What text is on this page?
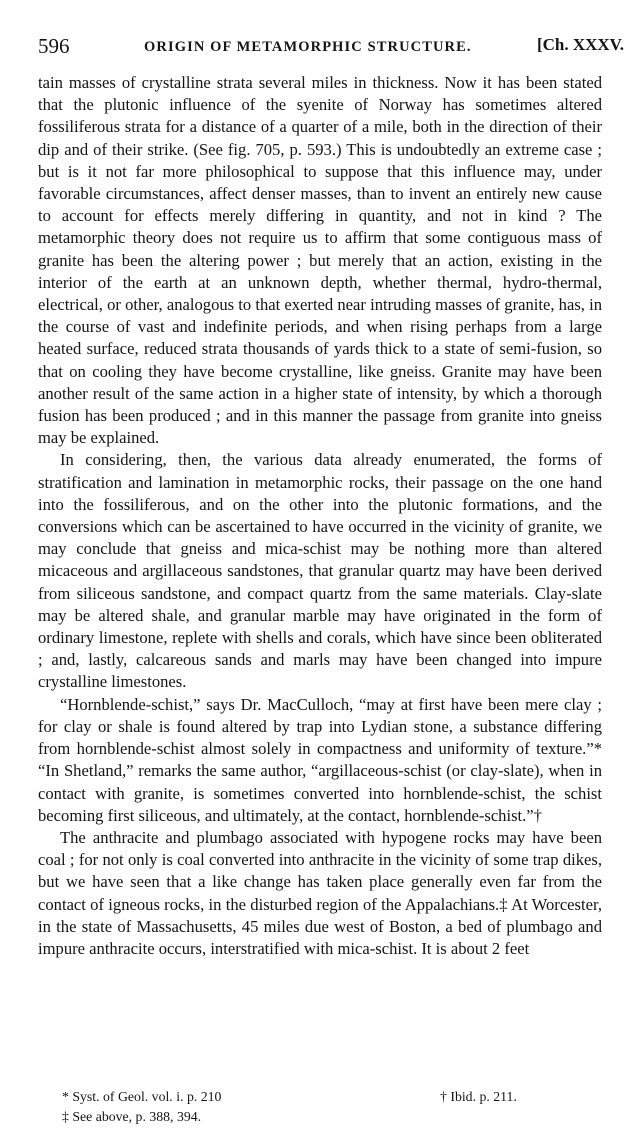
596	ORIGIN OF METAMORPHIC STRUCTURE.	[Ch. XXXV.

tain masses of crystalline strata several miles in thickness. Now it has been stated that the plutonic influence of the syenite of Norway has sometimes altered fossiliferous strata for a distance of a quarter of a mile, both in the direction of their dip and of their strike. (See fig. 705, p. 593.) This is undoubtedly an extreme case ; but is it not far more philosophical to suppose that this influence may, under favorable circumstances, affect denser masses, than to invent an entirely new cause to account for effects merely differing in quantity, and not in kind ? The metamorphic theory does not require us to affirm that some contiguous mass of granite has been the altering power ; but merely that an action, existing in the interior of the earth at an unknown depth, whether thermal, hydro-thermal, electrical, or other, analogous to that exerted near intruding masses of granite, has, in the course of vast and indefinite periods, and when rising perhaps from a large heated surface, reduced strata thousands of yards thick to a state of semi-fusion, so that on cooling they have become crystalline, like gneiss. Granite may have been another result of the same action in a higher state of intensity, by which a thorough fusion has been produced ; and in this manner the passage from granite into gneiss may be explained.

In considering, then, the various data already enumerated, the forms of stratification and lamination in metamorphic rocks, their passage on the one hand into the fossiliferous, and on the other into the plutonic formations, and the conversions which can be ascertained to have occurred in the vicinity of granite, we may conclude that gneiss and mica-schist may be nothing more than altered micaceous and argillaceous sandstones, that granular quartz may have been derived from siliceous sandstone, and compact quartz from the same materials. Clay-slate may be altered shale, and granular marble may have originated in the form of ordinary limestone, replete with shells and corals, which have since been obliterated ; and, lastly, calcareous sands and marls may have been changed into impure crystalline limestones.

“Hornblende-schist,” says Dr. MacCulloch, “may at first have been mere clay ; for clay or shale is found altered by trap into Lydian stone, a substance differing from hornblende-schist almost solely in compactness and uniformity of texture.”* “In Shetland,” remarks the same author, “argillaceous-schist (or clay-slate), when in contact with granite, is sometimes converted into hornblende-schist, the schist becoming first siliceous, and ultimately, at the contact, hornblende-schist.”†

The anthracite and plumbago associated with hypogene rocks may have been coal ; for not only is coal converted into anthracite in the vicinity of some trap dikes, but we have seen that a like change has taken place generally even far from the contact of igneous rocks, in the disturbed region of the Appalachians.‡ At Worcester, in the state of Massachusetts, 45 miles due west of Boston, a bed of plumbago and impure anthracite occurs, interstratified with mica-schist. It is about 2 feet

* Syst. of Geol. vol. i. p. 210	† Ibid. p. 211.
‡ See above, p. 388, 394.
